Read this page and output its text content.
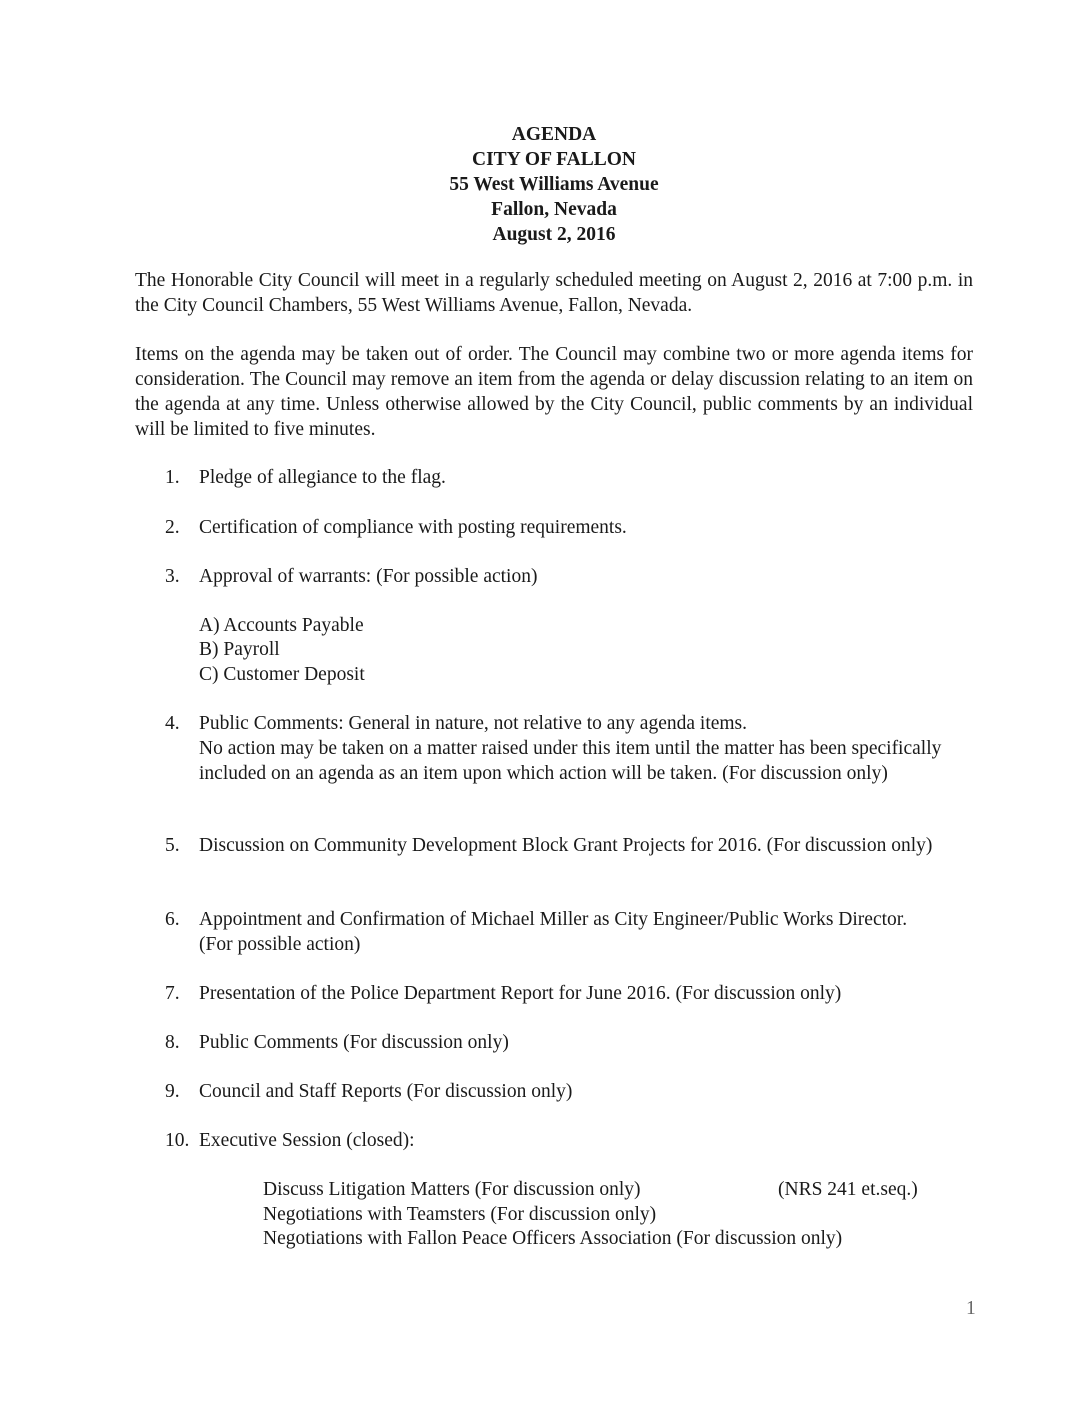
AGENDA
CITY OF FALLON
55 West Williams Avenue
Fallon, Nevada
August 2, 2016
The Honorable City Council will meet in a regularly scheduled meeting on August 2, 2016 at 7:00 p.m. in the City Council Chambers, 55 West Williams Avenue, Fallon, Nevada.
Items on the agenda may be taken out of order. The Council may combine two or more agenda items for consideration. The Council may remove an item from the agenda or delay discussion relating to an item on the agenda at any time. Unless otherwise allowed by the City Council, public comments by an individual will be limited to five minutes.
1. Pledge of allegiance to the flag.
2. Certification of compliance with posting requirements.
3. Approval of warrants: (For possible action)
A) Accounts Payable
B) Payroll
C) Customer Deposit
4. Public Comments: General in nature, not relative to any agenda items.
No action may be taken on a matter raised under this item until the matter has been specifically included on an agenda as an item upon which action will be taken. (For discussion only)
5. Discussion on Community Development Block Grant Projects for 2016. (For discussion only)
6. Appointment and Confirmation of Michael Miller as City Engineer/Public Works Director. (For possible action)
7. Presentation of the Police Department Report for June 2016. (For discussion only)
8. Public Comments (For discussion only)
9. Council and Staff Reports (For discussion only)
10. Executive Session (closed):
Discuss Litigation Matters (For discussion only)	(NRS 241 et.seq.)
Negotiations with Teamsters (For discussion only)
Negotiations with Fallon Peace Officers Association (For discussion only)
1
